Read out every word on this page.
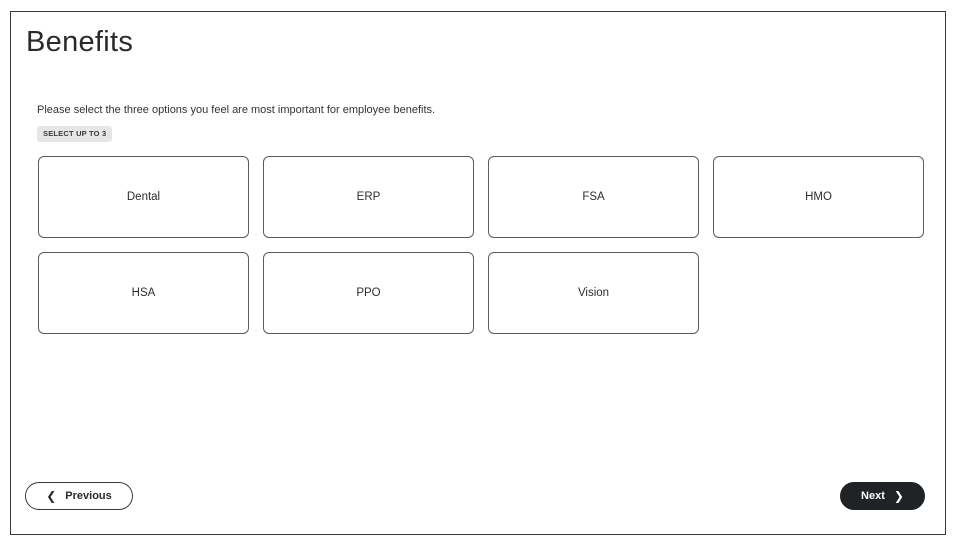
Benefits
Please select the three options you feel are most important for employee benefits.
SELECT UP TO 3
Dental	ERP	FSA	HMO
HSA	PPO	Vision
❮ Previous	Next ❯
